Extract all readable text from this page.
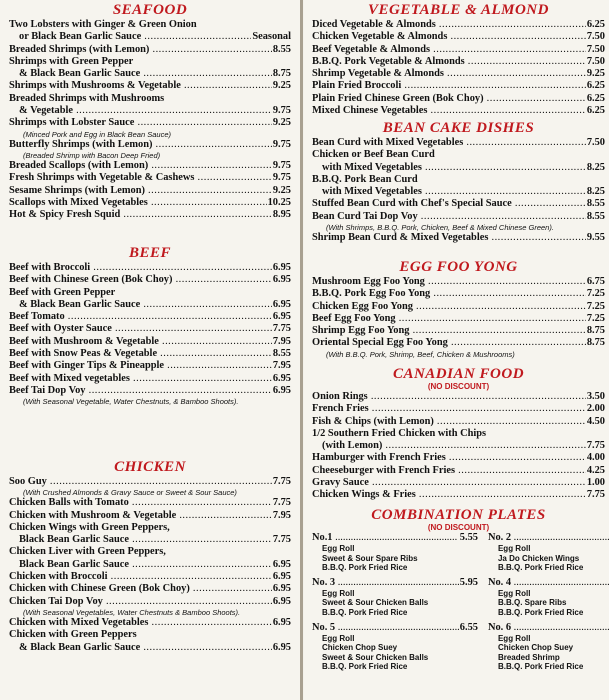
SEAFOOD
Two Lobsters with Ginger & Green Onion
or Black Bean Garlic Sauce .....	Seasonal
Breaded Shrimps (with Lemon) .....	8.55
Shrimps with Green Pepper
& Black Bean Garlic Sauce .....	8.75
Shrimps with Mushrooms & Vegetable .....	9.25
Breaded Shrimps with Mushrooms
& Vegetable .....	9.75
Shrimps with Lobster Sauce .....	9.25
(Minced Pork and Egg in Black Bean Sauce)
Butterfly Shrimps (with Lemon) .....	9.75
(Breaded Shrimp with Bacon Deep Fried)
Breaded Scallops (with Lemon) .....	9.75
Fresh Shrimps with Vegetable & Cashews .....	9.75
Sesame Shrimps (with Lemon) .....	9.25
Scallops with Mixed Vegetables .....	10.25
Hot & Spicy Fresh Squid .....	8.95
BEEF
Beef with Broccoli .....	6.95
Beef with Chinese Green (Bok Choy) .....	6.95
Beef with Green Pepper
& Black Bean Garlic Sauce .....	6.95
Beef Tomato .....	6.95
Beef with Oyster Sauce .....	7.75
Beef with Mushroom & Vegetable .....	7.95
Beef with Snow Peas & Vegetable .....	8.55
Beef with Ginger Tips & Pineapple .....	7.95
Beef with Mixed vegetables .....	6.95
Beef Tai Dop Voy .....	6.95
(With Seasonal Vegetable, Water Chestnuts, & Bamboo Shoots).
CHICKEN
Soo Guy .....	7.75
(With Crushed Almonds & Gravy Sauce or Sweet & Sour Sauce)
Chicken Balls with Tomato .....	7.75
Chicken with Mushroom & Vegetable .....	7.95
Chicken Wings with Green Peppers,
Black Bean Garlic Sauce .....	7.75
Chicken Liver with Green Peppers,
Black Bean Garlic Sauce .....	6.95
Chicken with Broccoli .....	6.95
Chicken with Chinese Green (Bok Choy) .....	6.95
Chicken Tai Dop Voy .....	6.95
(With Seasonal Vegetables, Water Chestnuts & Bamboo Shoots).
Chicken with Mixed Vegetables .....	6.95
Chicken with Green Peppers
& Black Bean Garlic Sauce .....	6.95
VEGETABLE & ALMOND
Diced Vegetable & Almonds .....	6.25
Chicken Vegetable & Almonds .....	7.50
Beef Vegetable & Almonds .....	7.50
B.B.Q. Pork Vegetable & Almonds .....	7.50
Shrimp Vegetable & Almonds .....	9.25
Plain Fried Broccoli .....	6.25
Plain Fried Chinese Green (Bok Choy) .....	6.25
Mixed Chinese Vegetables .....	6.25
BEAN CAKE DISHES
Bean Curd with Mixed Vegetables .....	7.50
Chicken or Beef Bean Curd
with Mixed Vegetables .....	8.25
B.B.Q. Pork Bean Curd
with Mixed Vegetables .....	8.25
Stuffed Bean Curd with Chef's Special Sauce .....	8.55
Bean Curd Tai Dop Voy .....	8.55
(With Shrimps, B.B.Q. Pork, Chicken, Beef & Mixed Chinese Green).
Shrimp Bean Curd & Mixed Vegetables .....	9.55
EGG FOO YONG
Mushroom Egg Foo Yong .....	6.75
B.B.Q. Pork Egg Foo Yong .....	7.25
Chicken Egg Foo Yong .....	7.25
Beef Egg Foo Yong .....	7.25
Shrimp Egg Foo Yong .....	8.75
Oriental Special Egg Foo Yong .....	8.75
(With B.B.Q. Pork, Shrimp, Beef, Chicken & Mushrooms)
CANADIAN FOOD
(NO DISCOUNT)
Onion Rings .....	3.50
French Fries .....	2.00
Fish & Chips (with Lemon) .....	4.50
1/2 Southern Fried Chicken with Chips
(with Lemon) .....	7.75
Hamburger with French Fries .....	4.00
Cheeseburger with French Fries .....	4.25
Gravy Sauce .....	1.00
Chicken Wings & Fries .....	7.75
COMBINATION PLATES
(NO DISCOUNT)
No.1 .....	5.55
Egg Roll
Sweet & Sour Spare Ribs
B.B.Q. Pork Fried Rice
No. 2 .....
Egg Roll
Ja Do Chicken Wings
B.B.Q. Pork Fried Rice
No. 3 .....	5.95
Egg Roll
Sweet & Sour Chicken Balls
B.B.Q. Pork Fried Rice
No. 4 .....
Egg Roll
B.B.Q. Spare Ribs
B.B.Q. Pork Fried Rice
No. 5 .....	6.55
Egg Roll
Chicken Chop Suey
Sweet & Sour Chicken Balls
B.B.Q. Pork Fried Rice
No. 6 .....
Egg Roll
Chicken Chop Suey
Breaded Shrimp
B.B.Q. Pork Fried Rice
